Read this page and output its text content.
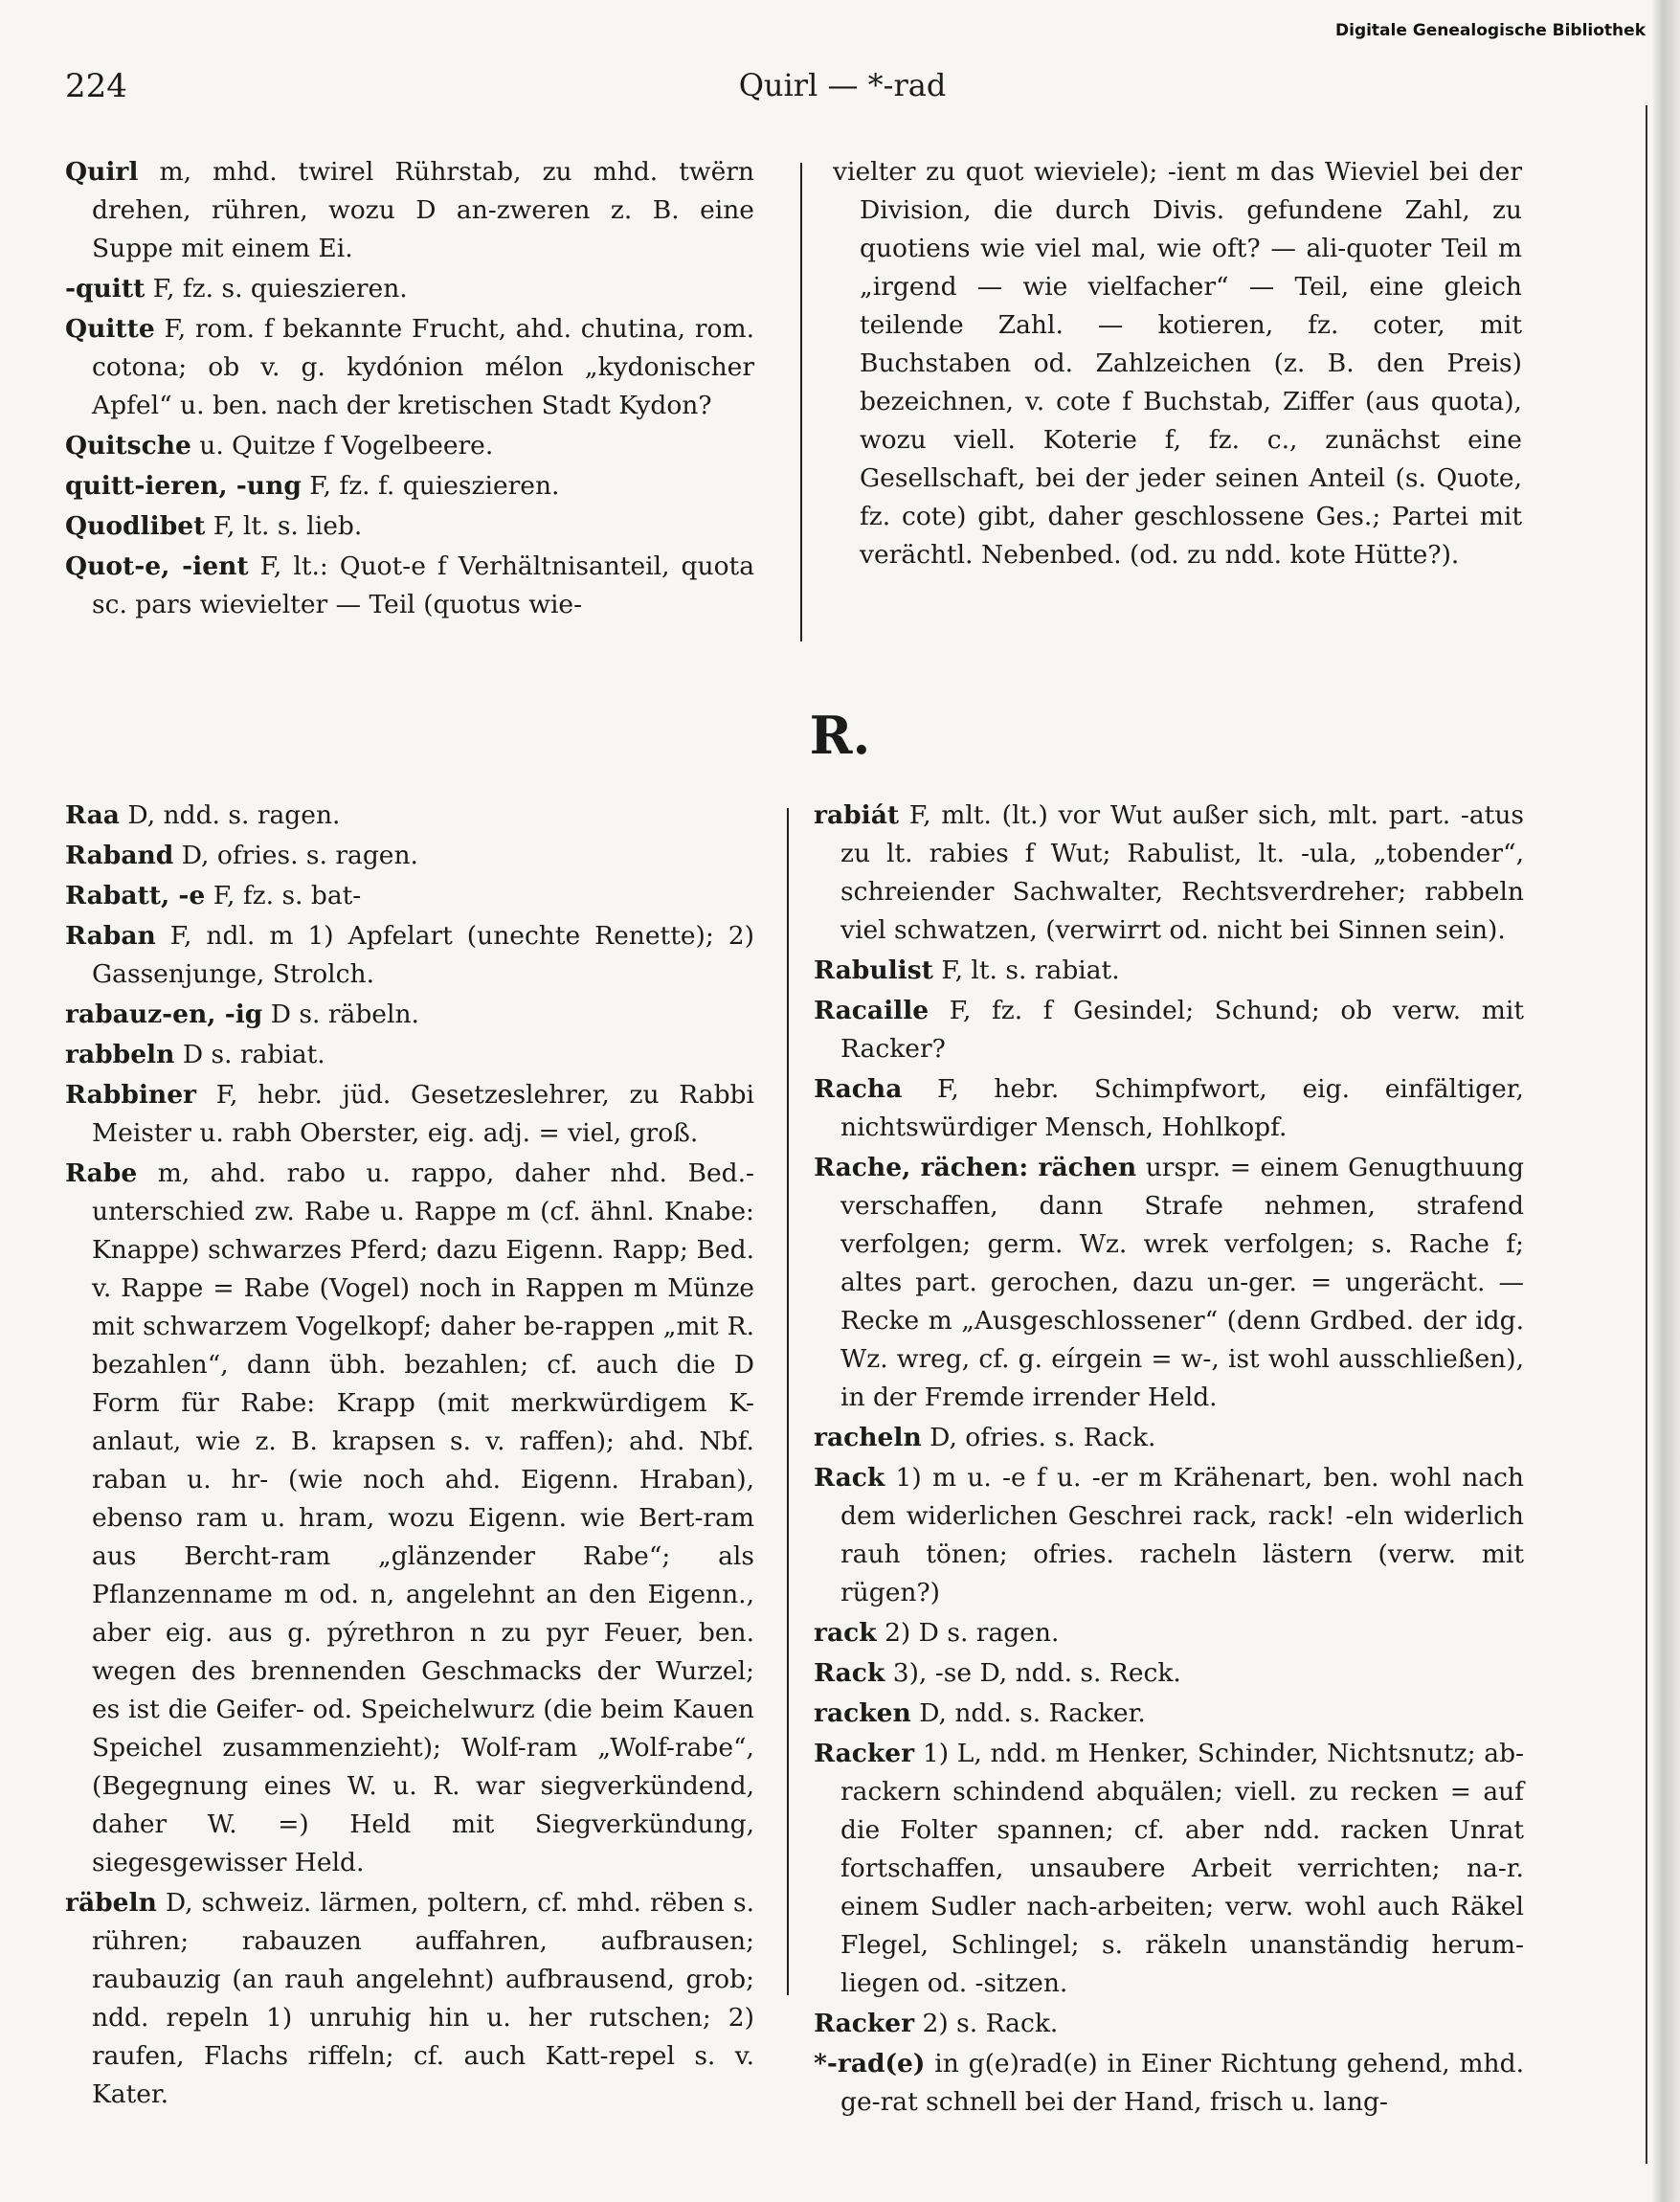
Digitale Genealogische Bibliothek
224	Quirl — *-rad

Quirl m, mhd. twirel Rührstab, zu mhd. twërn drehen, rühren, wozu D an-zweren z. B. eine Suppe mit einem Ei.

-quitt F, fz. s. quieszieren.

Quitte F, rom. f bekannte Frucht, ahd. chutina, rom. cotona; ob v. g. kydónion mélon „kydonischer Apfel“ u. ben. nach der kretischen Stadt Kydon?

Quitsche u. Quitze f Vogelbeere.

quitt-ieren, -ung F, fz. f. quieszieren.

Quodlibet F, lt. s. lieb.

Quot-e, -ient F, lt.: Quot-e f Verhältnisanteil, quota sc. pars wievielter — Teil (quotus wie-

vielter zu quot wieviele); -ient m das Wieviel bei der Division, die durch Divis. gefundene Zahl, zu quotiens wie viel mal, wie oft? — ali-quoter Teil m „irgend — wie vielfacher“ — Teil, eine gleich teilende Zahl. — kotieren, fz. coter, mit Buchstaben od. Zahlzeichen (z. B. den Preis) bezeichnen, v. cote f Buchstab, Ziffer (aus quota), wozu viell. Koterie f, fz. c., zunächst eine Gesellschaft, bei der jeder seinen Anteil (s. Quote, fz. cote) gibt, daher geschlossene Ges.; Partei mit verächtl. Nebenbed. (od. zu ndd. kote Hütte?).

R.

Raa D, ndd. s. ragen.

Raband D, ofries. s. ragen.

Rabatt, -e F, fz. s. bat-

Raban F, ndl. m 1) Apfelart (unechte Renette); 2) Gassenjunge, Strolch.

rabauz-en, -ig D s. räbeln.

rabbeln D s. rabiat.

Rabbiner F, hebr. jüd. Gesetzeslehrer, zu Rabbi Meister u. rabh Oberster, eig. adj. = viel, groß.

Rabe m, ahd. rabo u. rappo, daher nhd. Bed.-unterschied zw. Rabe u. Rappe m (cf. ähnl. Knabe: Knappe) schwarzes Pferd; dazu Eigenn. Rapp; Bed. v. Rappe = Rabe (Vogel) noch in Rappen m Münze mit schwarzem Vogelkopf; daher be-rappen „mit R. bezahlen“, dann übh. bezahlen; cf. auch die D Form für Rabe: Krapp (mit merkwürdigem K-anlaut, wie z. B. krapsen s. v. raffen); ahd. Nbf. raban u. hr- (wie noch ahd. Eigenn. Hraban), ebenso ram u. hram, wozu Eigenn. wie Bert-ram aus Bercht-ram „glänzender Rabe“; als Pflanzenname m od. n, angelehnt an den Eigenn., aber eig. aus g. pýrethron n zu pyr Feuer, ben. wegen des brennenden Geschmacks der Wurzel; es ist die Geifer- od. Speichelwurz (die beim Kauen Speichel zusammenzieht); Wolf-ram „Wolf-rabe“, (Begegnung eines W. u. R. war siegverkündend, daher W. =) Held mit Siegverkündung, siegesgewisser Held.

räbeln D, schweiz. lärmen, poltern, cf. mhd. rëben s. rühren; rabauzen auffahren, aufbrausen; raubauzig (an rauh angelehnt) aufbrausend, grob; ndd. repeln 1) unruhig hin u. her rutschen; 2) raufen, Flachs riffeln; cf. auch Katt-repel s. v. Kater.

rabiát F, mlt. (lt.) vor Wut außer sich, mlt. part. -atus zu lt. rabies f Wut; Rabulist, lt. -ula, „tobender“, schreiender Sachwalter, Rechtsverdreher; rabbeln viel schwatzen, (verwirrt od. nicht bei Sinnen sein).

Rabulist F, lt. s. rabiat.

Racaille F, fz. f Gesindel; Schund; ob verw. mit Racker?

Racha F, hebr. Schimpfwort, eig. einfältiger, nichtswürdiger Mensch, Hohlkopf.

Rache, rächen: rächen urspr. = einem Genugthuung verschaffen, dann Strafe nehmen, strafend verfolgen; germ. Wz. wrek verfolgen; s. Rache f; altes part. gerochen, dazu un-ger. = ungerächt. — Recke m „Ausgeschlossener“ (denn Grdbed. der idg. Wz. wreg, cf. g. eírgein = w-, ist wohl ausschließen), in der Fremde irrender Held.

racheln D, ofries. s. Rack.

Rack 1) m u. -e f u. -er m Krähenart, ben. wohl nach dem widerlichen Geschrei rack, rack! -eln widerlich rauh tönen; ofries. racheln lästern (verw. mit rügen?)

rack 2) D s. ragen.

Rack 3), -se D, ndd. s. Reck.

racken D, ndd. s. Racker.

Racker 1) L, ndd. m Henker, Schinder, Nichtsnutz; ab-rackern schindend abquälen; viell. zu recken = auf die Folter spannen; cf. aber ndd. racken Unrat fortschaffen, unsaubere Arbeit verrichten; na-r. einem Sudler nach-arbeiten; verw. wohl auch Räkel Flegel, Schlingel; s. räkeln unanständig herum-liegen od. -sitzen.

Racker 2) s. Rack.

*-rad(e) in g(e)rad(e) in Einer Richtung gehend, mhd. ge-rat schnell bei der Hand, frisch u. lang-
